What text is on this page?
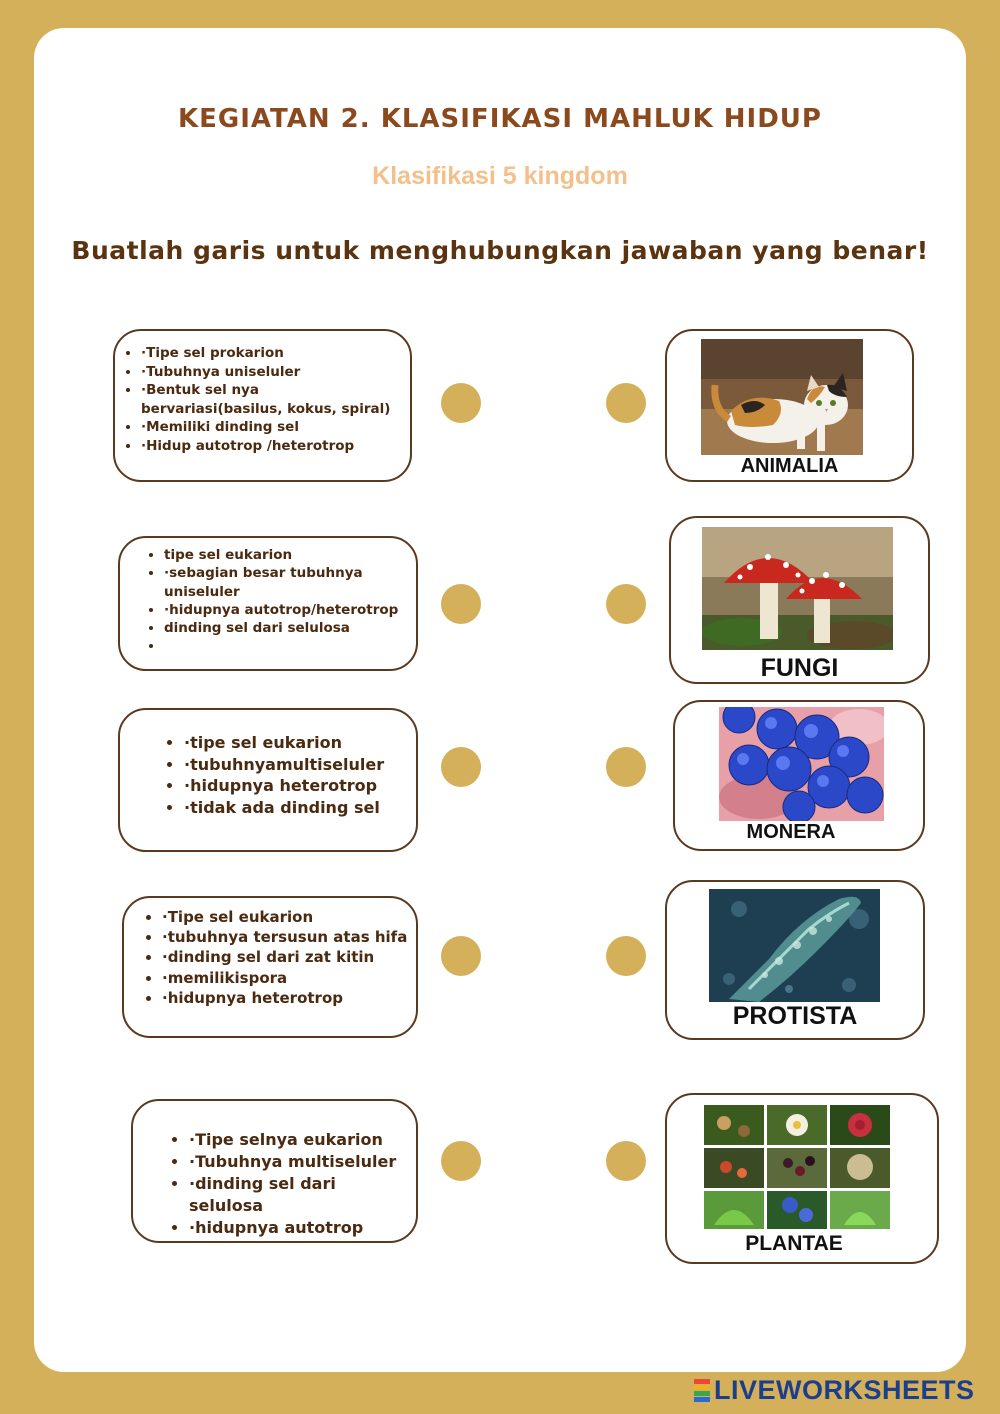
KEGIATAN 2. KLASIFIKASI MAHLUK HIDUP
Klasifikasi 5 kingdom
Buatlah garis untuk menghubungkan jawaban yang benar!
• ·Tipe sel prokarion
• ·Tubuhnya uniseluler
• ·Bentuk sel nya bervariasi(basilus, kokus, spiral)
• ·Memiliki dinding sel
• ·Hidup autotrop /heterotrop
• tipe sel eukarion
• ·sebagian besar tubuhnya uniseluler
• ·hidupnya autotrop/heterotrop
• dinding sel dari selulosa
•
• ·tipe sel eukarion
• ·tubuhnyamultiseluler
• ·hidupnya heterotrop
• ·tidak ada dinding sel
• ·Tipe sel eukarion
• ·tubuhnya tersusun atas hifa
• ·dinding sel dari zat kitin
• ·memilikispora
• ·hidupnya heterotrop
• ·Tipe selnya eukarion
• ·Tubuhnya multiseluler
• ·dinding sel dari selulosa
• ·hidupnya autotrop
ANIMALIA
FUNGI
MONERA
PROTISTA
PLANTAE
LIVEWORKSHEETS
